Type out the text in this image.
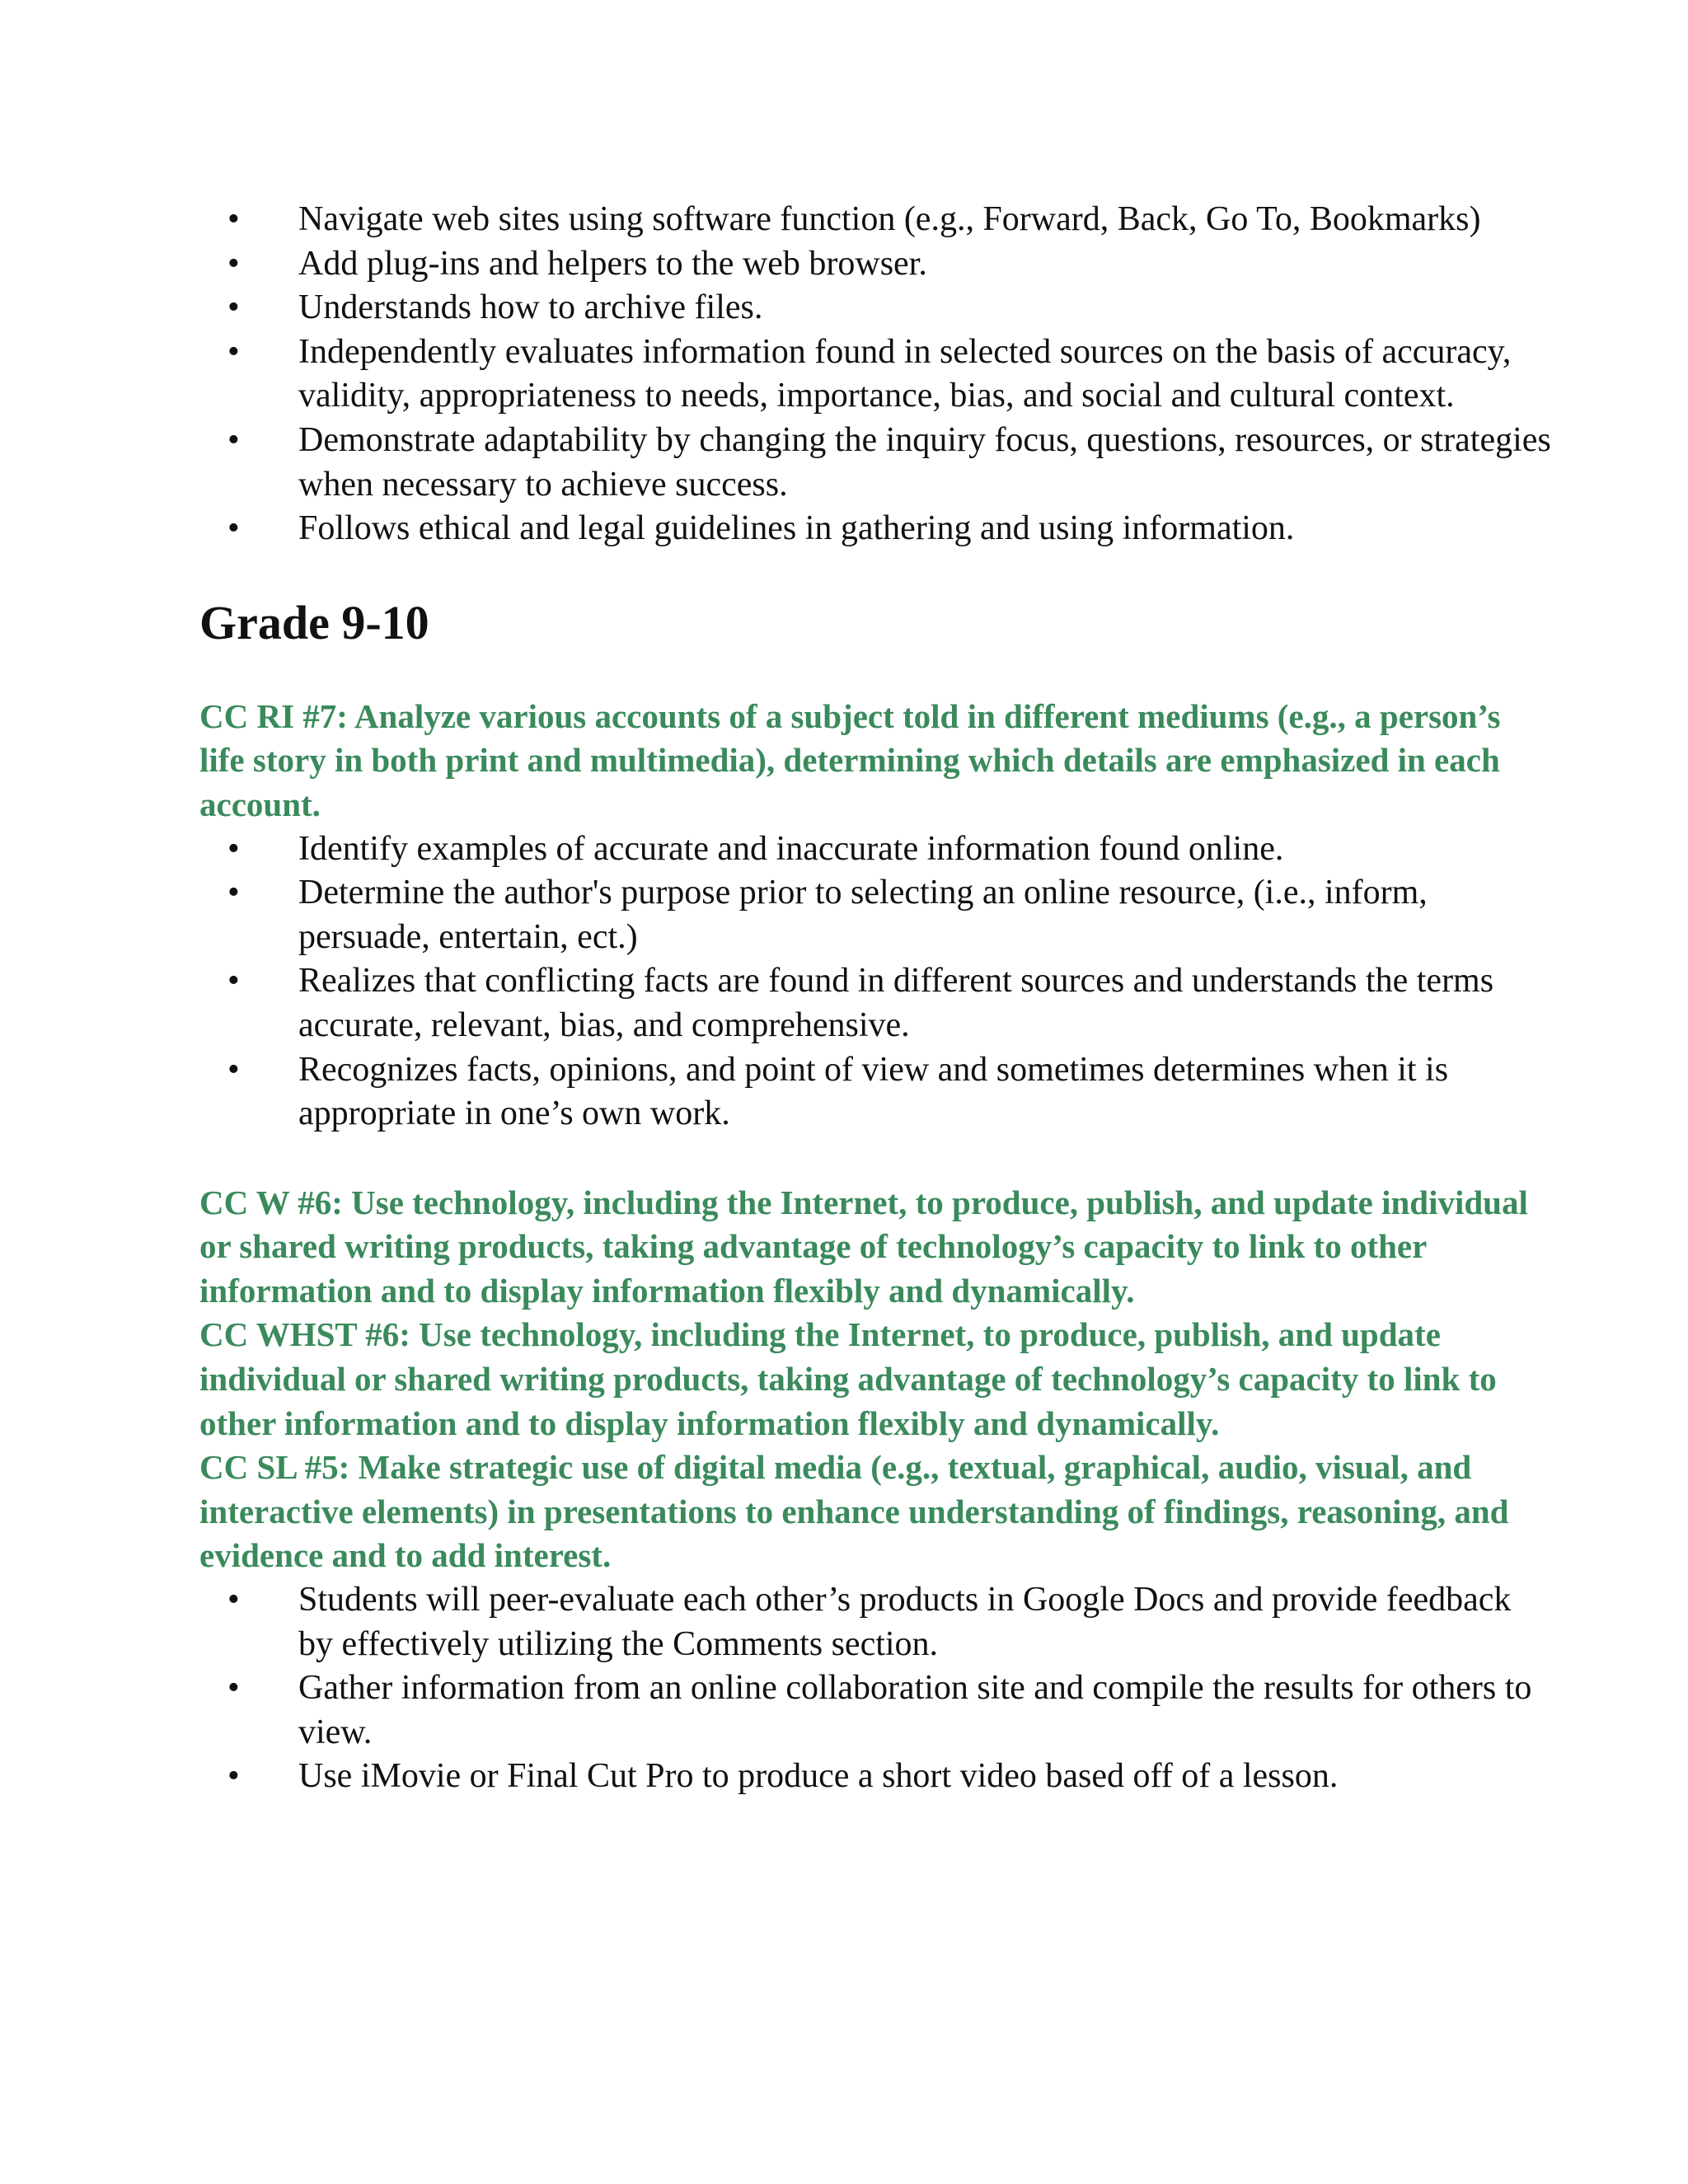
• Navigate web sites using software function (e.g., Forward, Back, Go To, Bookmarks)
• Add plug-ins and helpers to the web browser.
• Understands how to archive files.
• Independently evaluates information found in selected sources on the basis of accuracy, validity, appropriateness to needs, importance, bias, and social and cultural context.
• Demonstrate adaptability by changing the inquiry focus, questions, resources, or strategies when necessary to achieve success.
• Follows ethical and legal guidelines in gathering and using information.
Grade 9-10

CC RI #7: Analyze various accounts of a subject told in different mediums (e.g., a person’s life story in both print and multimedia), determining which details are emphasized in each account.

• Identify examples of accurate and inaccurate information found online.
• Determine the author's purpose prior to selecting an online resource, (i.e., inform, persuade, entertain, ect.)
• Realizes that conflicting facts are found in different sources and understands the terms accurate, relevant, bias, and comprehensive.
• Recognizes facts, opinions, and point of view and sometimes determines when it is appropriate in one’s own work.

CC W #6: Use technology, including the Internet, to produce, publish, and update individual or shared writing products, taking advantage of technology’s capacity to link to other information and to display information flexibly and dynamically.

CC WHST #6: Use technology, including the Internet, to produce, publish, and update individual or shared writing products, taking advantage of technology’s capacity to link to other information and to display information flexibly and dynamically.

CC SL #5: Make strategic use of digital media (e.g., textual, graphical, audio, visual, and interactive elements) in presentations to enhance understanding of findings, reasoning, and evidence and to add interest.

• Students will peer-evaluate each other’s products in Google Docs and provide feedback by effectively utilizing the Comments section.
• Gather information from an online collaboration site and compile the results for others to view.
• Use iMovie or Final Cut Pro to produce a short video based off of a lesson.
